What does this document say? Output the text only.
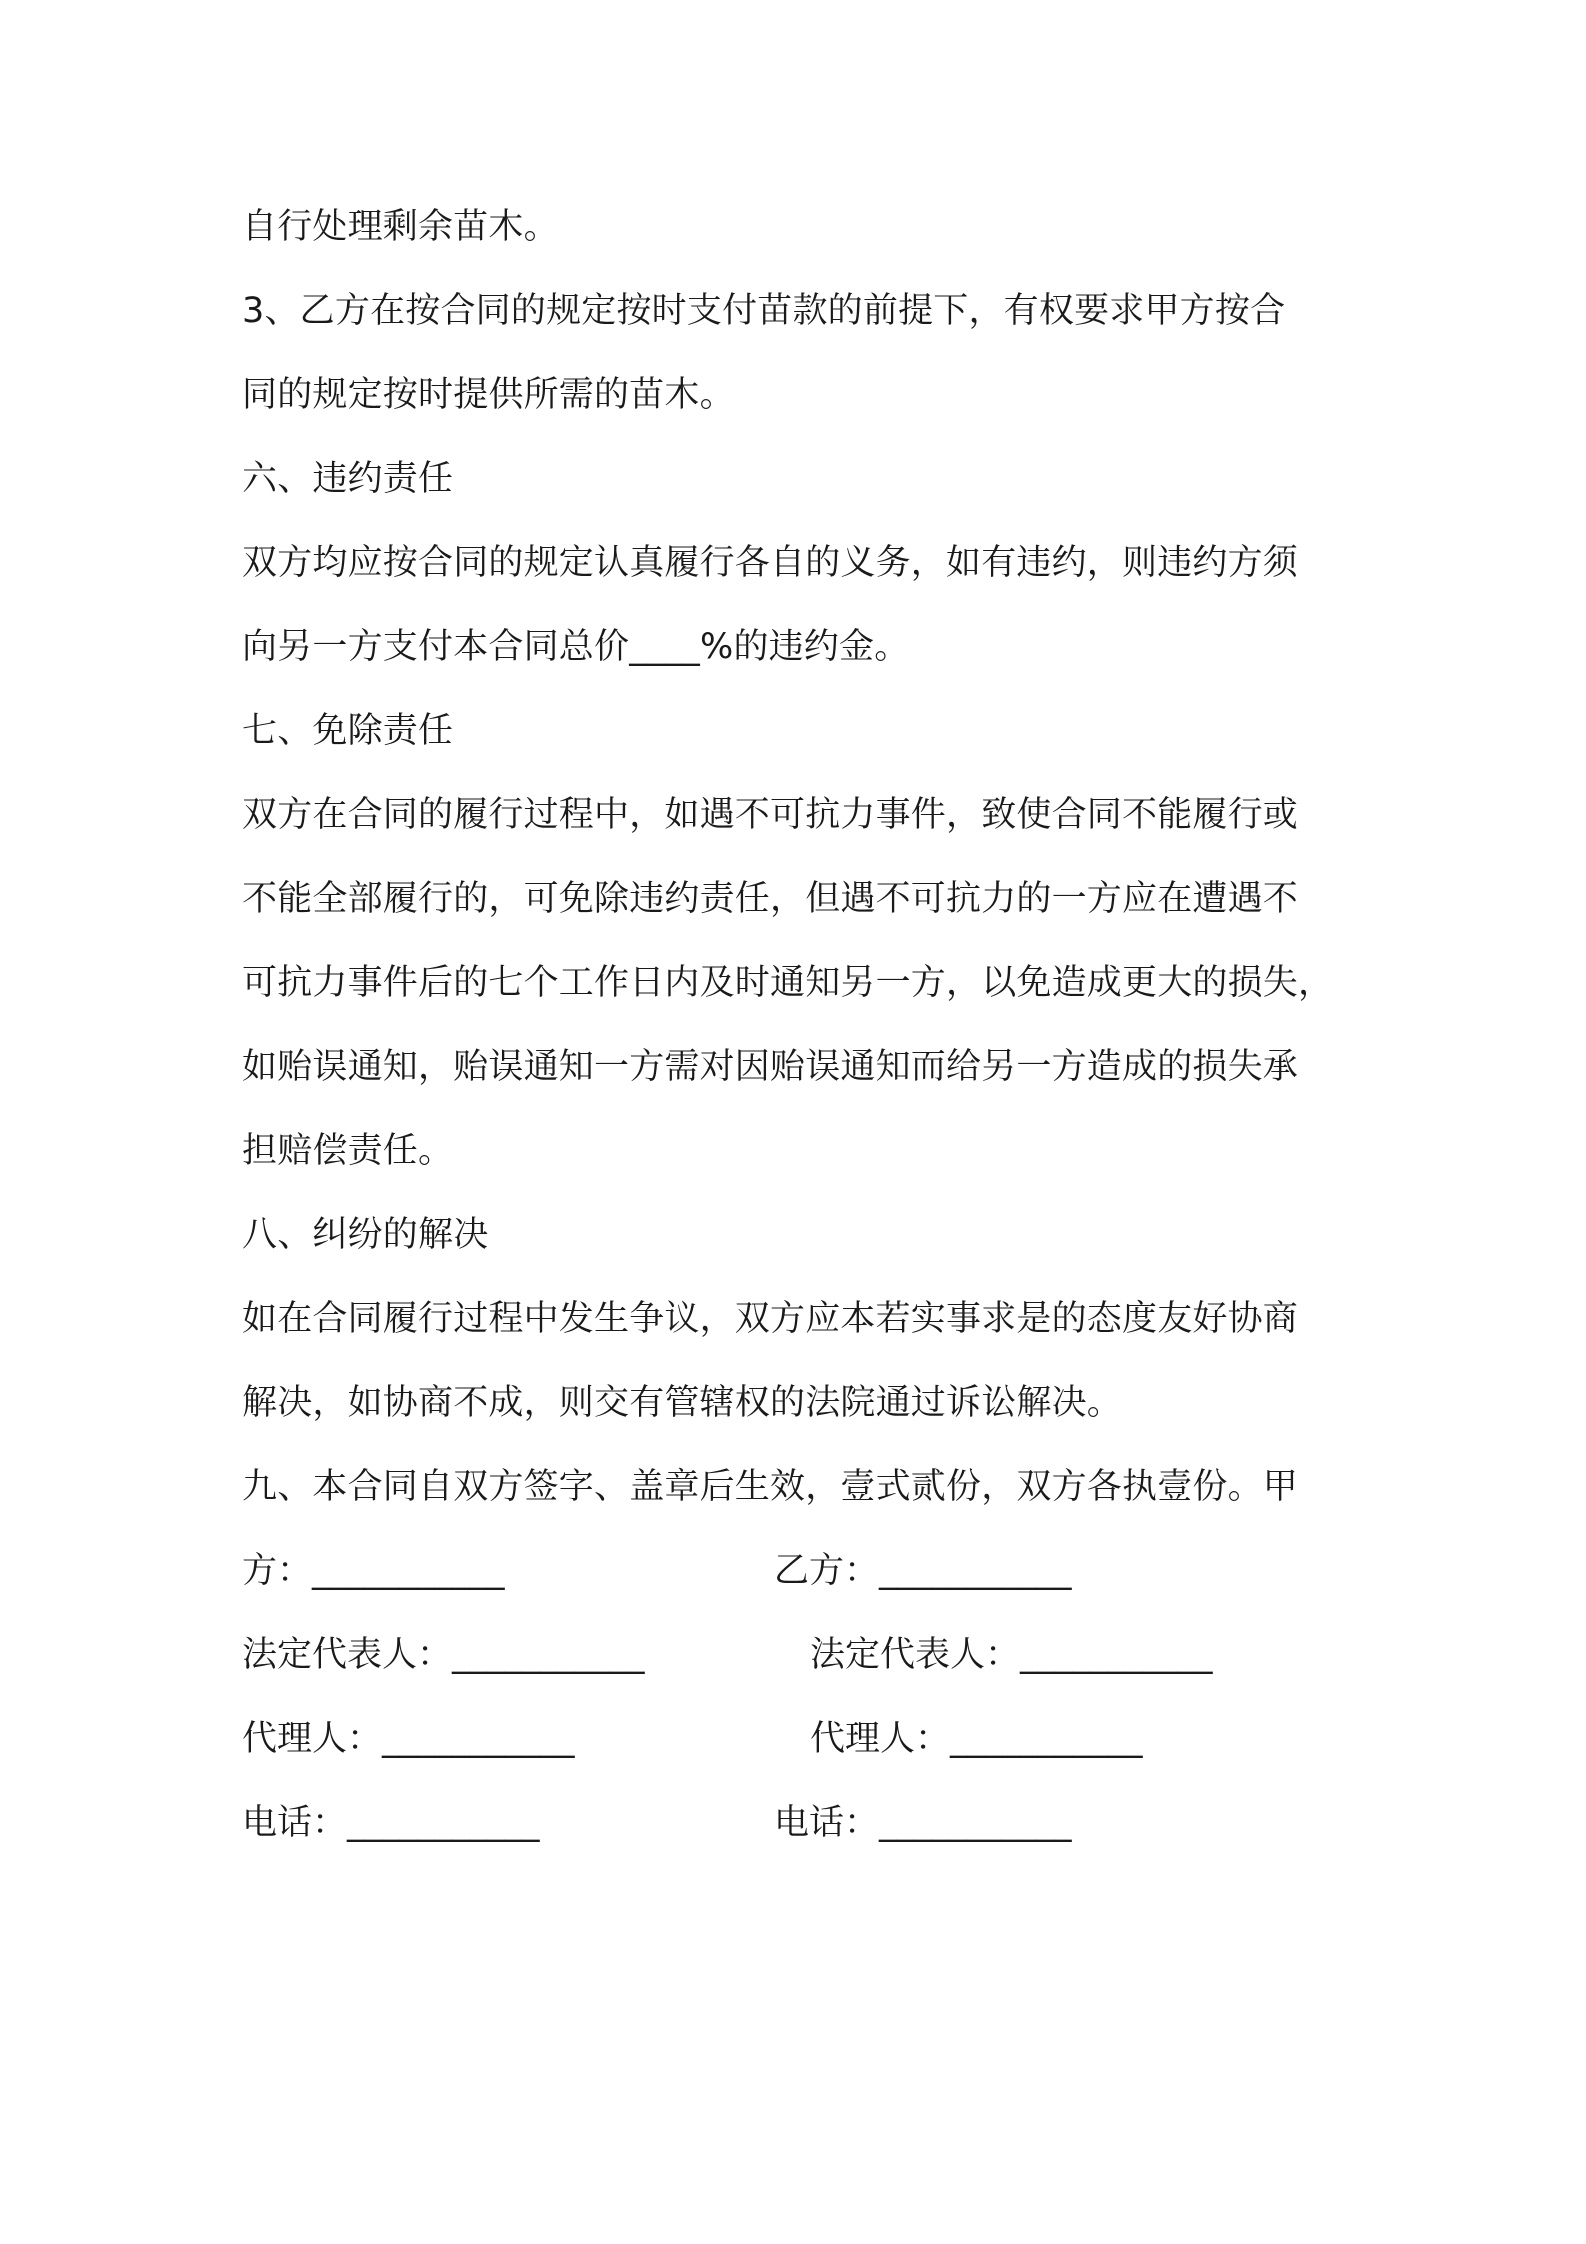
自行处理剩余苗木。
3、乙方在按合同的规定按时支付苗款的前提下，有权要求甲方按合
同的规定按时提供所需的苗木。
六、违约责任
双方均应按合同的规定认真履行各自的义务，如有违约，则违约方须
向另一方支付本合同总价____%的违约金。
七、免除责任
双方在合同的履行过程中，如遇不可抗力事件，致使合同不能履行或
不能全部履行的，可免除违约责任，但遇不可抗力的一方应在遭遇不
可抗力事件后的七个工作日内及时通知另一方，以免造成更大的损失，
如贻误通知，贻误通知一方需对因贻误通知而给另一方造成的损失承
担赔偿责任。
八、纠纷的解决
如在合同履行过程中发生争议，双方应本若实事求是的态度友好协商
解决，如协商不成，则交有管辖权的法院通过诉讼解决。
九、本合同自双方签字、盖章后生效，壹式贰份，双方各执壹份。甲
方：___________	乙方：___________
法定代表人：___________	法定代表人：___________
代理人：___________	代理人：___________
电话：___________	电话：___________
